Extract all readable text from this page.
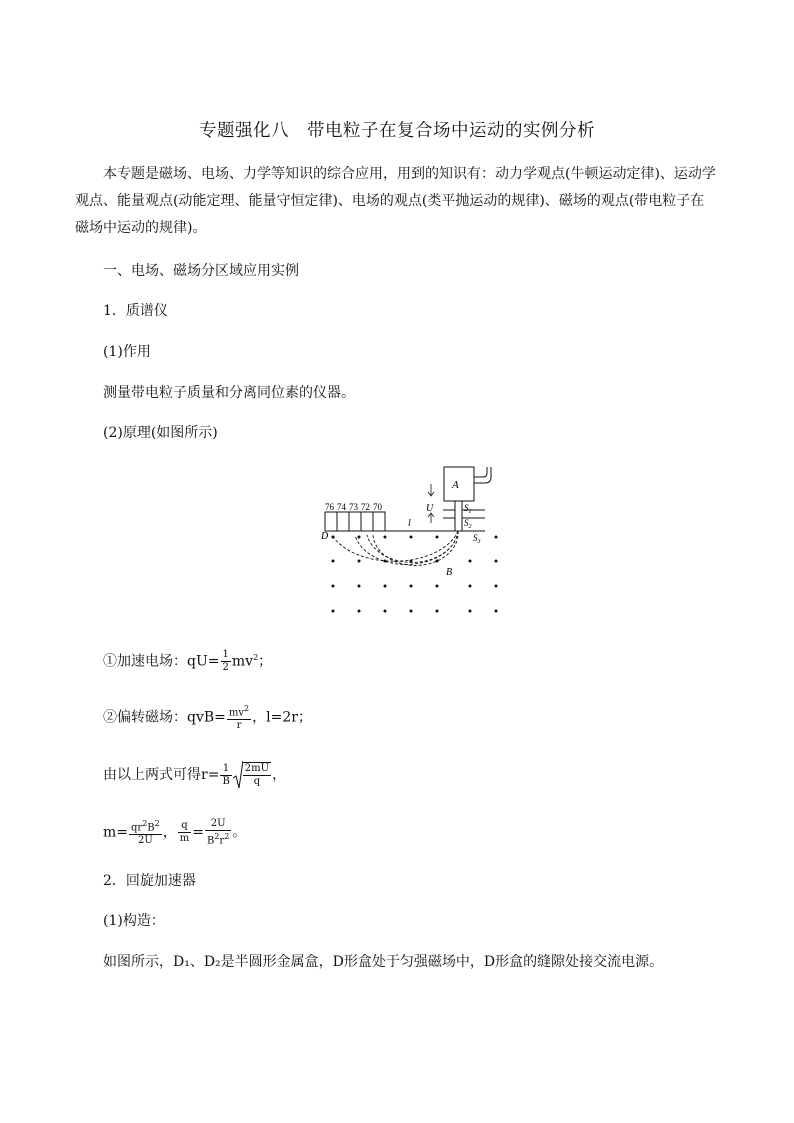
专题强化八　带电粒子在复合场中运动的实例分析
本专题是磁场、电场、力学等知识的综合应用，用到的知识有：动力学观点(牛顿运动定律)、运动学
观点、能量观点(动能定理、能量守恒定律)、电场的观点(类平抛运动的规律)、磁场的观点(带电粒子在
磁场中运动的规律)。
一、电场、磁场分区域应用实例
1．质谱仪
(1)作用
测量带电粒子质量和分离同位素的仪器。
(2)原理(如图所示)
A
U	$S_1$
$S_2$
76 74 73 72 70
l
$S_3$
D
B
①加速电场：$qU= \frac{1}{2} mv^2$；
②偏转磁场：$qvB= \frac{mv^2}{r}$ ，l=2r；
由以上两式可得$r= \frac{1}{B} \frac{2mU}{q}$ ，
$m= \frac{qr^2B^2}{2U}$ ， $\frac{q}{m} = \frac{2U}{B^2r^2}$ 。
2．回旋加速器
(1)构造：
如图所示，D₁、D₂是半圆形金属盒，D形盒处于匀强磁场中，D形盒的缝隙处接交流电源。
